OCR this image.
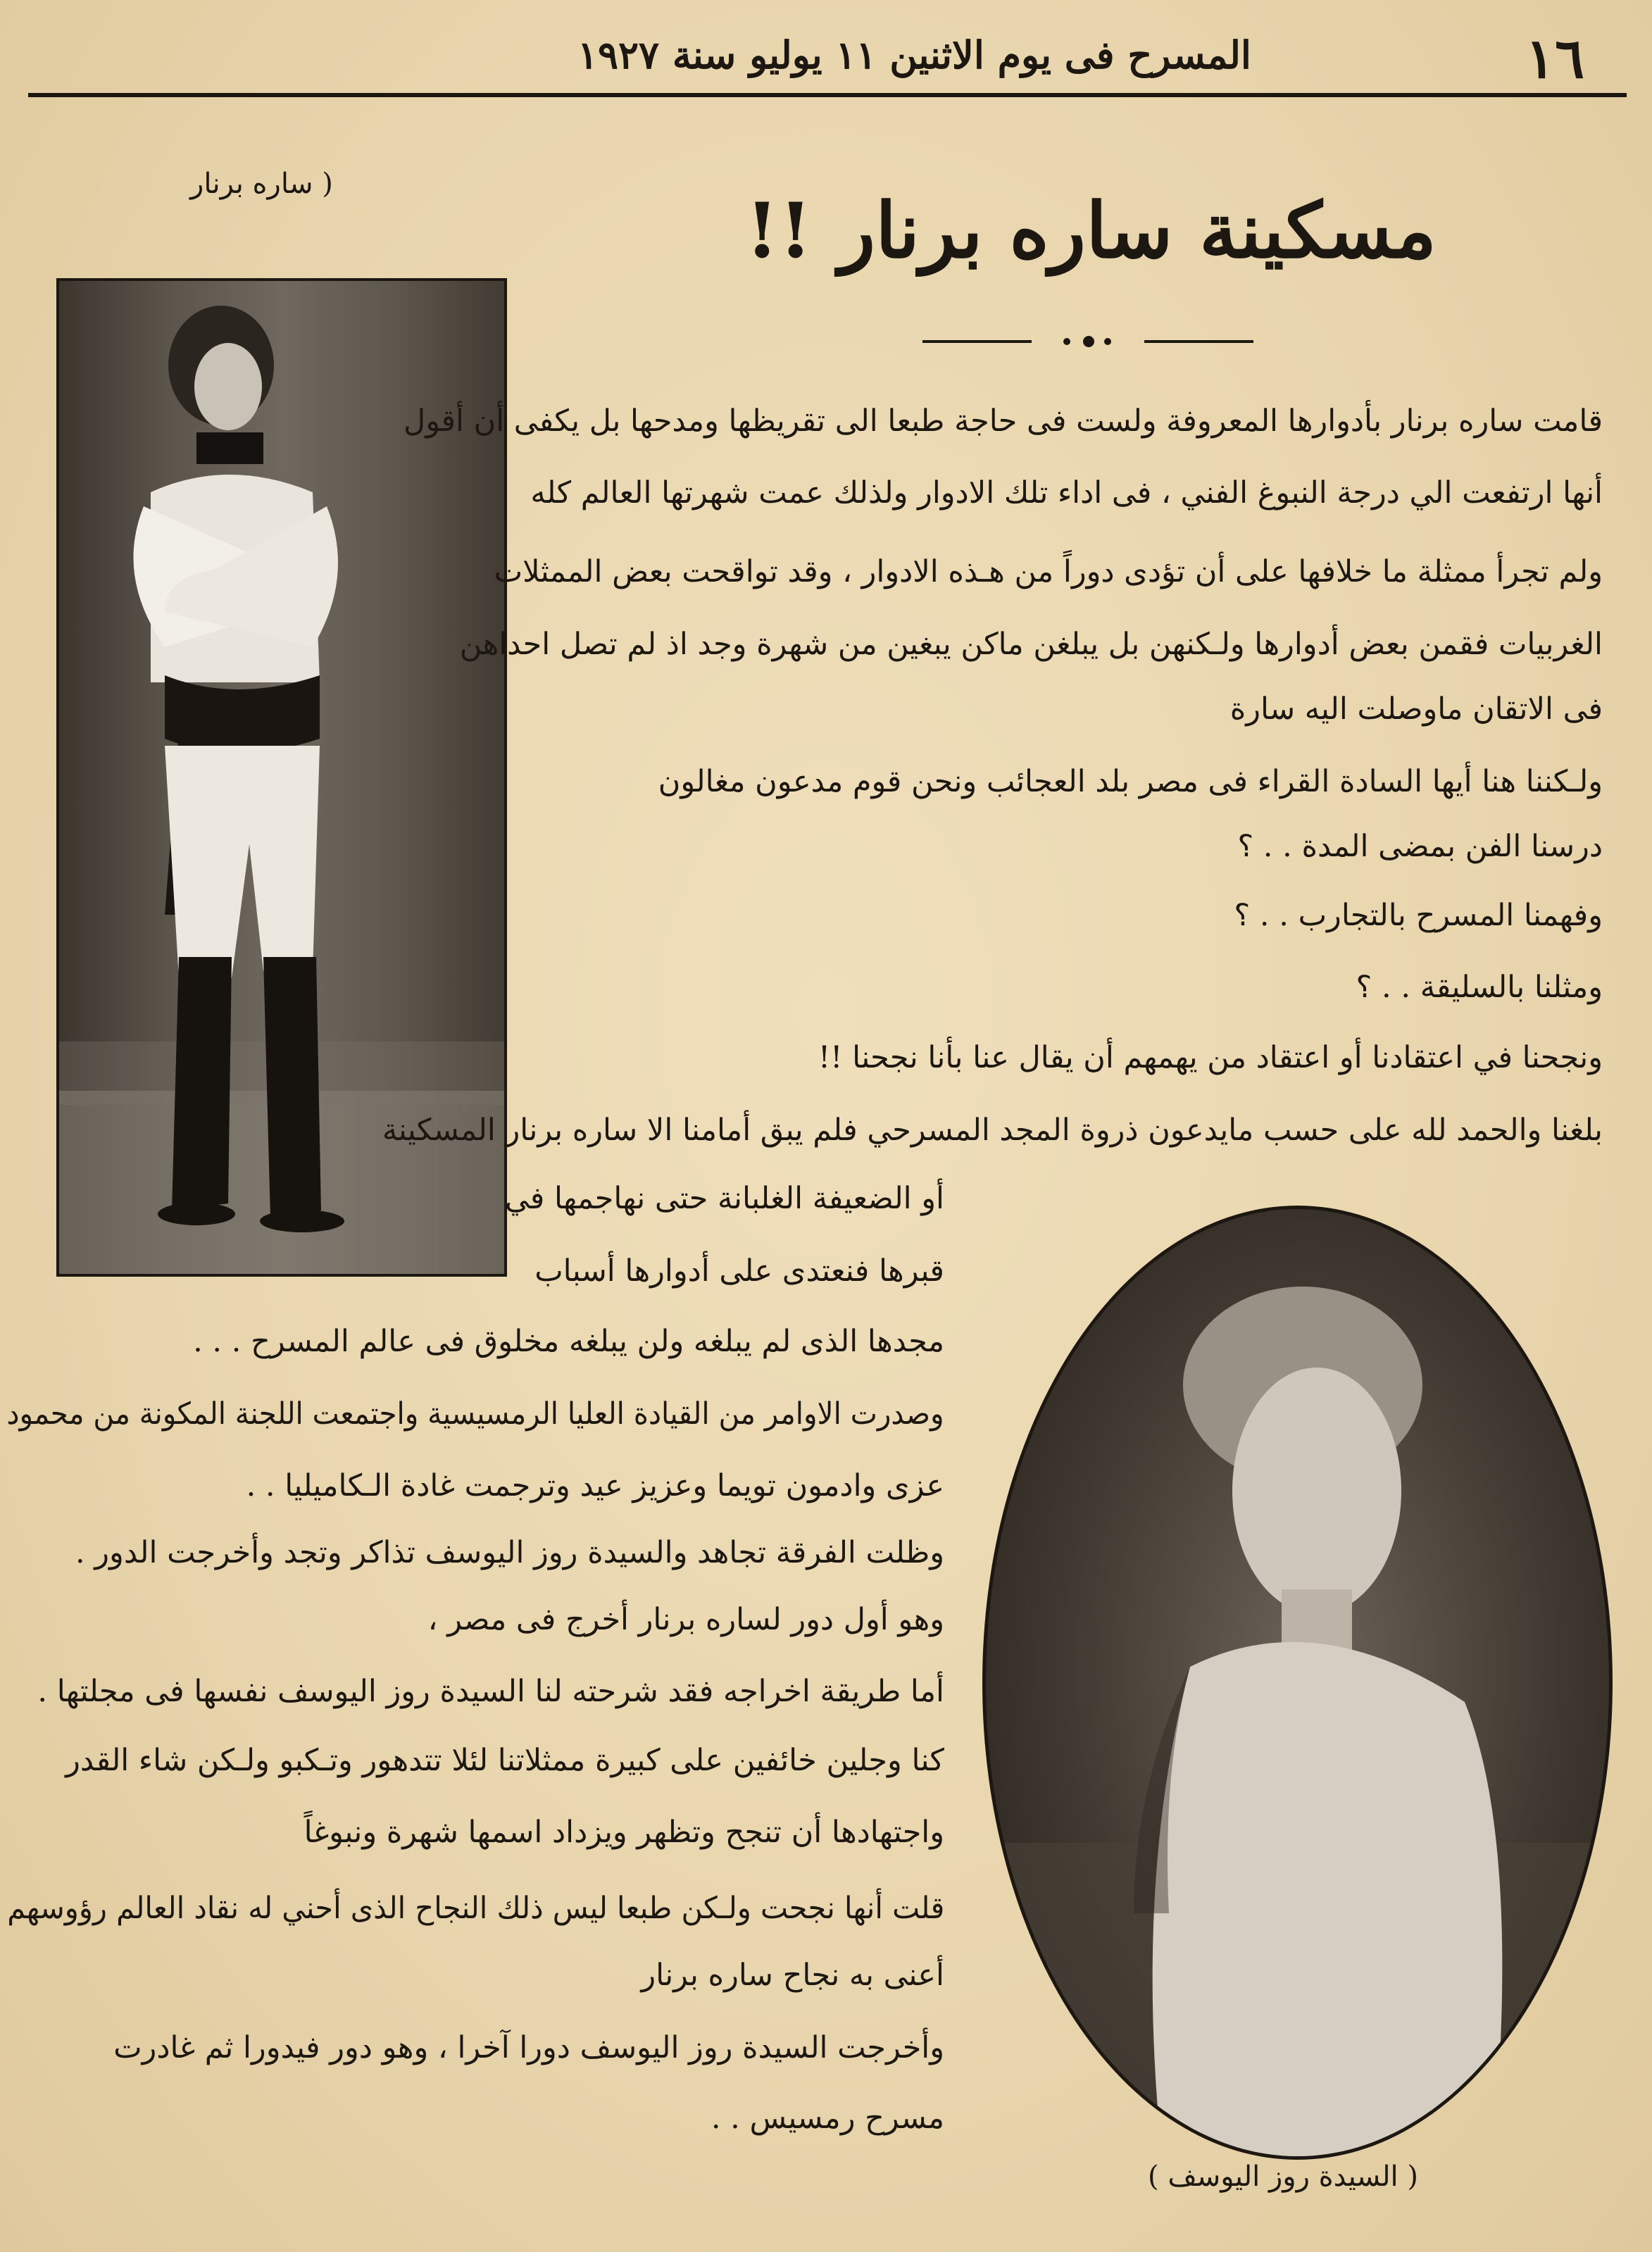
١٦
المسرح فى يوم الاثنين ١١ يوليو سنة ١٩٢٧
( ساره برنار
مسكينة ساره برنار !!
( السيدة روز اليوسف )
قامت ساره برنار بأدوارها المعروفة ولست فى حاجة طبعا الى تقريظها ومدحها بل يكفى أن أقول
أنها ارتفعت الي درجة النبوغ الفني ، فى اداء تلك الادوار ولذلك عمت شهرتها العالم كله
ولم تجرأ ممثلة ما خلافها على أن تؤدى دوراً من هـذه الادوار ، وقد تواقحت بعض الممثلات
الغربيات فقمن بعض أدوارها ولـكنهن بل يبلغن ماكن يبغين من شهرة وجد اذ لم تصل احداهن
فى الاتقان ماوصلت اليه سارة
ولـكننا هنا أيها السادة القراء فى مصر بلد العجائب ونحن قوم مدعون مغالون
درسنا الفن بمضى المدة . . ؟
وفهمنا المسرح بالتجارب . . ؟
ومثلنا بالسليقة . . ؟
ونجحنا في اعتقادنا أو اعتقاد من يهمهم أن يقال عنا بأنا نجحنا !!
بلغنا والحمد لله على حسب مايدعون ذروة المجد المسرحي فلم يبق أمامنا الا ساره برنار المسكينة
أو الضعيفة الغلبانة حتى نهاجمها في
قبرها فنعتدى على أدوارها أسباب
مجدها الذى لم يبلغه ولن يبلغه مخلوق فى عالم المسرح . . .
وصدرت الاوامر من القيادة العليا الرمسيسية واجتمعت اللجنة المكونة من محمود
عزى وادمون تويما وعزيز عيد وترجمت غادة الـكاميليا . .
وظلت الفرقة تجاهد والسيدة روز اليوسف تذاكر وتجد وأخرجت الدور .
وهو أول دور لساره برنار أخرج فى مصر ،
أما طريقة اخراجه فقد شرحته لنا السيدة روز اليوسف نفسها فى مجلتها .
كنا وجلين خائفين على كبيرة ممثلاتنا لئلا تتدهور وتـكبو ولـكن شاء القدر
واجتهادها أن تنجح وتظهر ويزداد اسمها شهرة ونبوغاً
قلت أنها نجحت ولـكن طبعا ليس ذلك النجاح الذى أحني له نقاد العالم رؤوسهم
أعنى به نجاح ساره برنار
وأخرجت السيدة روز اليوسف دورا آخرا ، وهو دور فيدورا ثم غادرت
مسرح رمسيس . .
